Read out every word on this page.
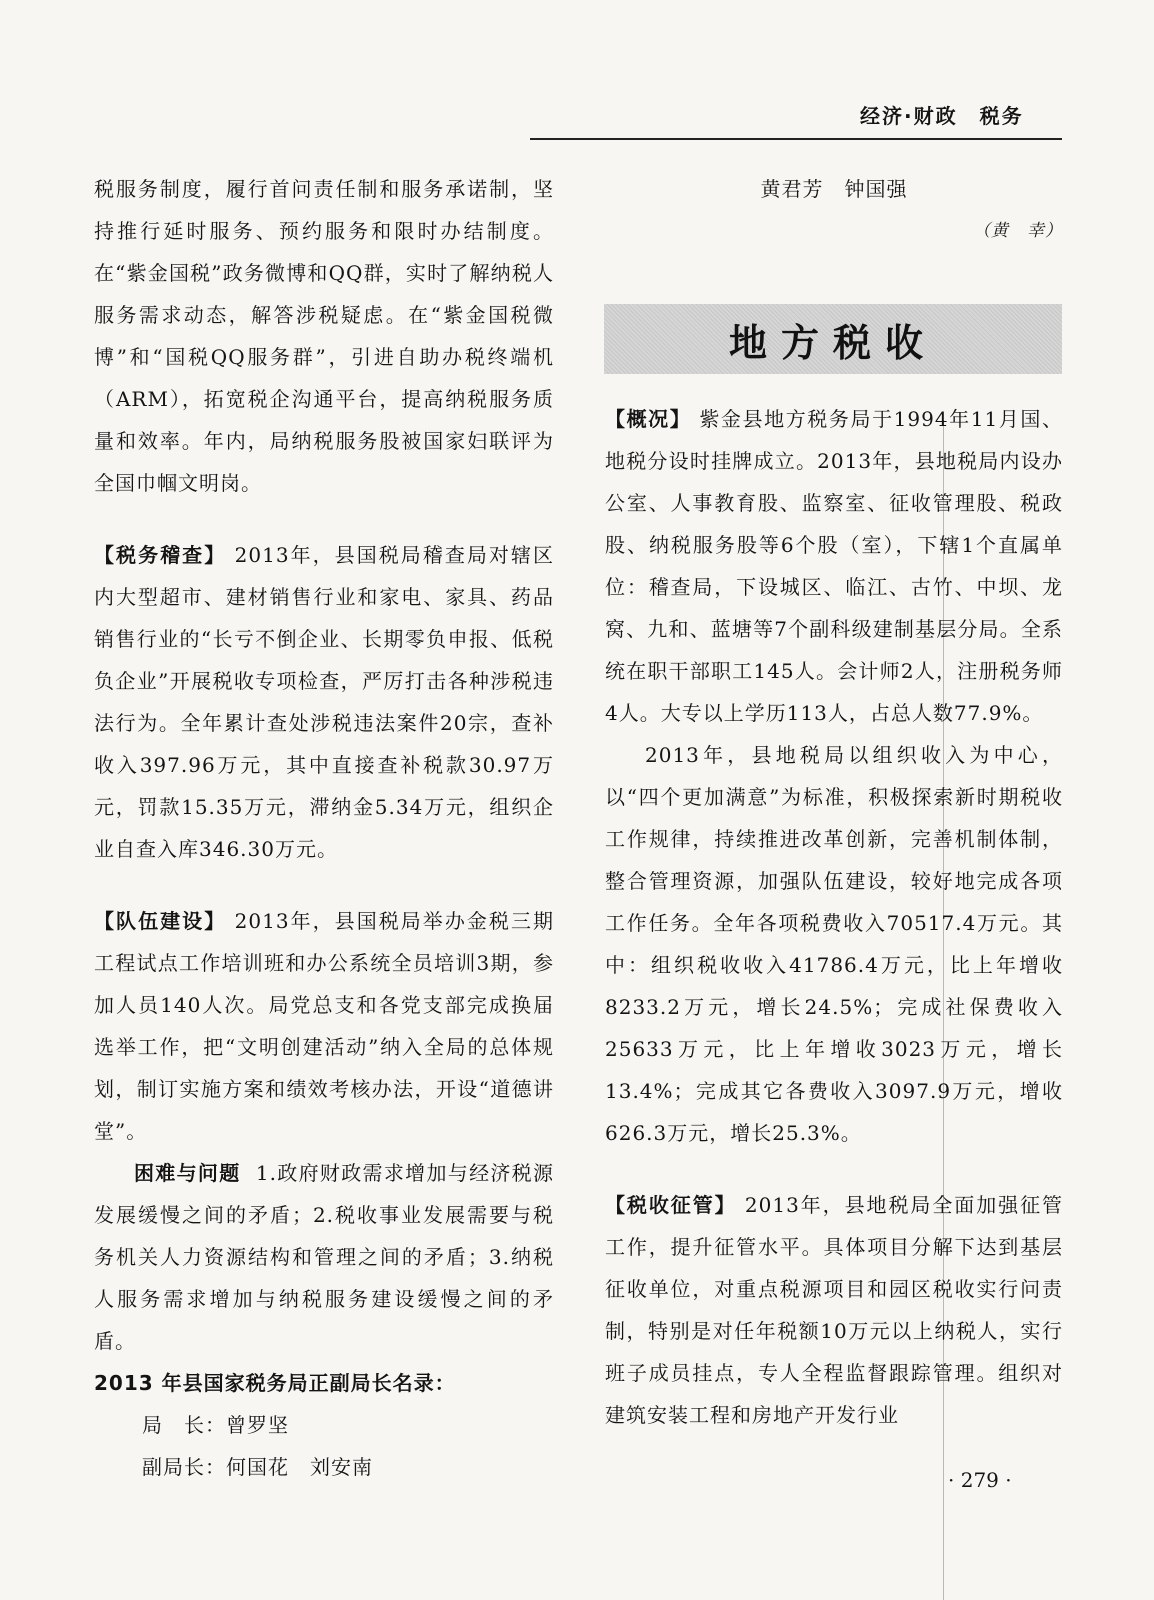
经济·财政　税务

税服务制度，履行首问责任制和服务承诺制，坚持推行延时服务、预约服务和限时办结制度。在“紫金国税”政务微博和QQ群，实时了解纳税人服务需求动态，解答涉税疑虑。在“紫金国税微博”和“国税QQ服务群”，引进自助办税终端机（ARM），拓宽税企沟通平台，提高纳税服务质量和效率。年内，局纳税服务股被国家妇联评为全国巾帼文明岗。

【税务稽查】 2013年，县国税局稽查局对辖区内大型超市、建材销售行业和家电、家具、药品销售行业的“长亏不倒企业、长期零负申报、低税负企业”开展税收专项检查，严厉打击各种涉税违法行为。全年累计查处涉税违法案件20宗，查补收入397.96万元，其中直接查补税款30.97万元，罚款15.35万元，滞纳金5.34万元，组织企业自查入库346.30万元。

【队伍建设】 2013年，县国税局举办金税三期工程试点工作培训班和办公系统全员培训3期，参加人员140人次。局党总支和各党支部完成换届选举工作，把“文明创建活动”纳入全局的总体规划，制订实施方案和绩效考核办法，开设“道德讲堂”。

困难与问题 1.政府财政需求增加与经济税源发展缓慢之间的矛盾；2.税收事业发展需要与税务机关人力资源结构和管理之间的矛盾；3.纳税人服务需求增加与纳税服务建设缓慢之间的矛盾。

2013 年县国家税务局正副局长名录：

局　长：曾罗坚

副局长：何国花　刘安南

黄君芳　钟国强

（黄　幸）

地方税收

【概况】 紫金县地方税务局于1994年11月国、地税分设时挂牌成立。2013年，县地税局内设办公室、人事教育股、监察室、征收管理股、税政股、纳税服务股等6个股（室），下辖1个直属单位：稽查局，下设城区、临江、古竹、中坝、龙窝、九和、蓝塘等7个副科级建制基层分局。全系统在职干部职工145人。会计师2人，注册税务师4人。大专以上学历113人，占总人数77.9%。

2013年，县地税局以组织收入为中心，以“四个更加满意”为标准，积极探索新时期税收工作规律，持续推进改革创新，完善机制体制，整合管理资源，加强队伍建设，较好地完成各项工作任务。全年各项税费收入70517.4万元。其中：组织税收收入41786.4万元，比上年增收8233.2万元，增长24.5%；完成社保费收入25633万元，比上年增收3023万元，增长13.4%；完成其它各费收入3097.9万元，增收626.3万元，增长25.3%。

【税收征管】 2013年，县地税局全面加强征管工作，提升征管水平。具体项目分解下达到基层征收单位，对重点税源项目和园区税收实行问责制，特别是对任年税额10万元以上纳税人，实行班子成员挂点，专人全程监督跟踪管理。组织对建筑安装工程和房地产开发行业

· 279 ·
